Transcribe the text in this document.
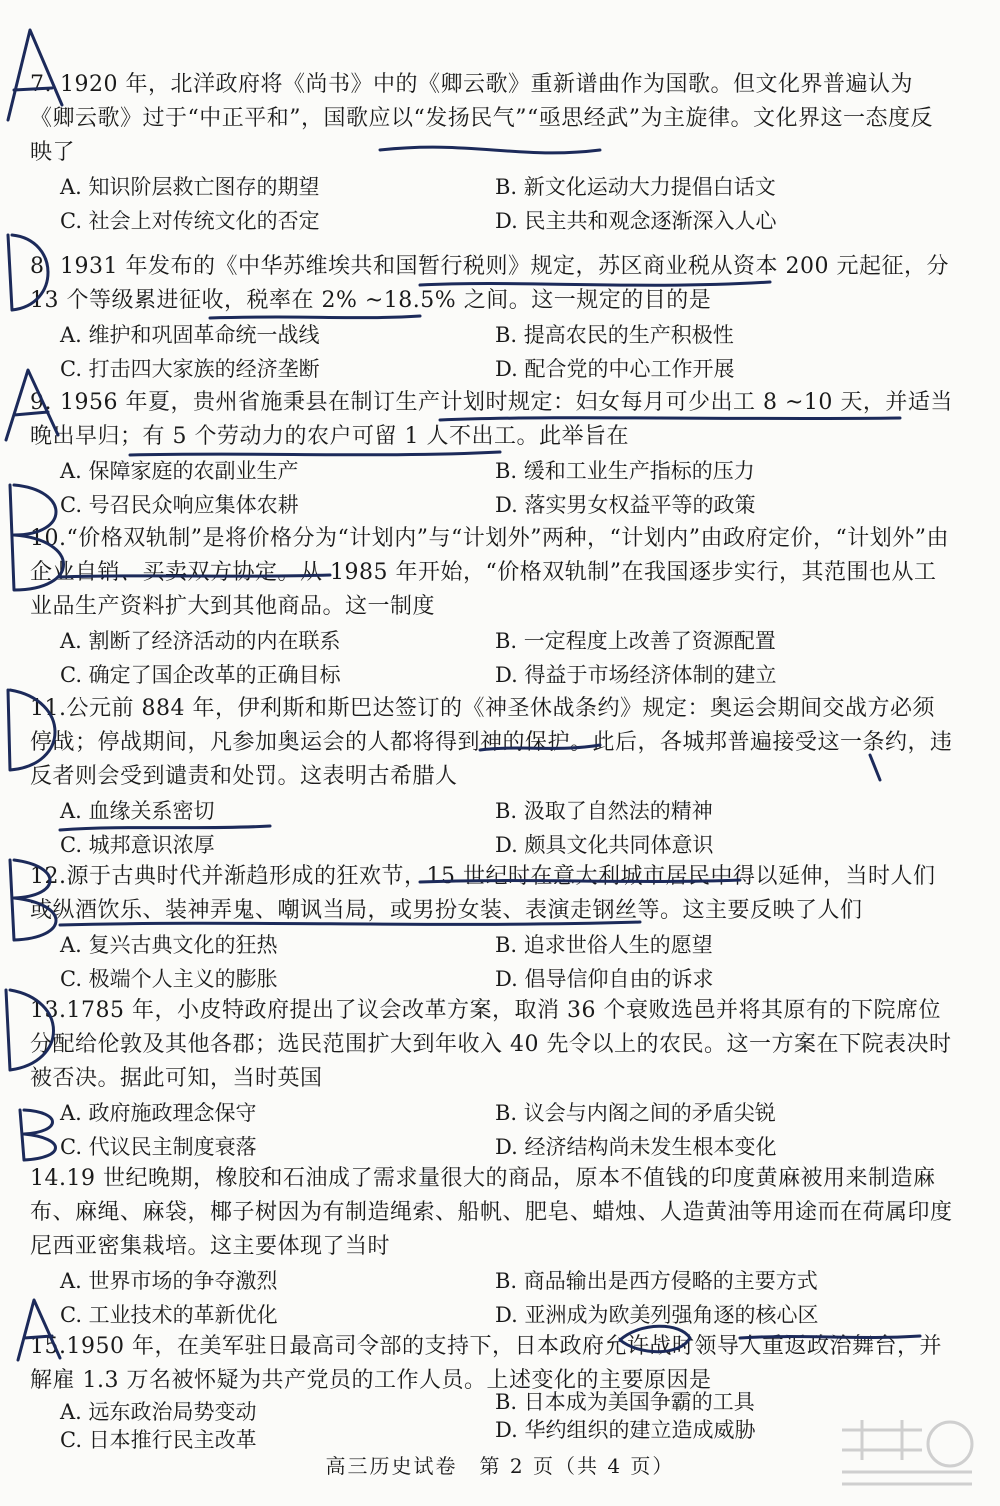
7. 1920 年，北洋政府将《尚书》中的《卿云歌》重新谱曲作为国歌。但文化界普遍认为《卿云歌》过于“中正平和”，国歌应以“发扬民气”“亟思经武”为主旋律。文化界这一态度反映了
A. 知识阶层救亡图存的期望	B. 新文化运动大力提倡白话文
C. 社会上对传统文化的否定	D. 民主共和观念逐渐深入人心
8. 1931 年发布的《中华苏维埃共和国暂行税则》规定，苏区商业税从资本 200 元起征，分 13 个等级累进征收，税率在 2% ~18.5% 之间。这一规定的目的是
A. 维护和巩固革命统一战线	B. 提高农民的生产积极性
C. 打击四大家族的经济垄断	D. 配合党的中心工作开展
9. 1956 年夏，贵州省施秉县在制订生产计划时规定：妇女每月可少出工 8 ~10 天，并适当晚出早归；有 5 个劳动力的农户可留 1 人不出工。此举旨在
A. 保障家庭的农副业生产	B. 缓和工业生产指标的压力
C. 号召民众响应集体农耕	D. 落实男女权益平等的政策
10.“价格双轨制”是将价格分为“计划内”与“计划外”两种，“计划内”由政府定价，“计划外”由企业自销、买卖双方协定。从 1985 年开始，“价格双轨制”在我国逐步实行，其范围也从工业品生产资料扩大到其他商品。这一制度
A. 割断了经济活动的内在联系	B. 一定程度上改善了资源配置
C. 确定了国企改革的正确目标	D. 得益于市场经济体制的建立
11.公元前 884 年，伊利斯和斯巴达签订的《神圣休战条约》规定：奥运会期间交战方必须停战；停战期间，凡参加奥运会的人都将得到神的保护。此后，各城邦普遍接受这一条约，违反者则会受到谴责和处罚。这表明古希腊人
A. 血缘关系密切	B. 汲取了自然法的精神
C. 城邦意识浓厚	D. 颇具文化共同体意识
12.源于古典时代并渐趋形成的狂欢节，15 世纪时在意大利城市居民中得以延伸，当时人们或纵酒饮乐、装神弄鬼、嘲讽当局，或男扮女装、表演走钢丝等。这主要反映了人们
A. 复兴古典文化的狂热	B. 追求世俗人生的愿望
C. 极端个人主义的膨胀	D. 倡导信仰自由的诉求
13.1785 年，小皮特政府提出了议会改革方案，取消 36 个衰败选邑并将其原有的下院席位分配给伦敦及其他各郡；选民范围扩大到年收入 40 先令以上的农民。这一方案在下院表决时被否决。据此可知，当时英国
A. 政府施政理念保守	B. 议会与内阁之间的矛盾尖锐
C. 代议民主制度衰落	D. 经济结构尚未发生根本变化
14.19 世纪晚期，橡胶和石油成了需求量很大的商品，原本不值钱的印度黄麻被用来制造麻布、麻绳、麻袋，椰子树因为有制造绳索、船帆、肥皂、蜡烛、人造黄油等用途而在荷属印度尼西亚密集栽培。这主要体现了当时
A. 世界市场的争夺激烈	B. 商品输出是西方侵略的主要方式
C. 工业技术的革新优化	D. 亚洲成为欧美列强角逐的核心区
15.1950 年，在美军驻日最高司令部的支持下，日本政府允许战时领导人重返政治舞台，并解雇 1.3 万名被怀疑为共产党员的工作人员。上述变化的主要原因是
A. 远东政治局势变动	B. 日本成为美国争霸的工具
C. 日本推行民主改革	D. 华约组织的建立造成威胁
高三历史试卷　第 2 页（共 4 页）
